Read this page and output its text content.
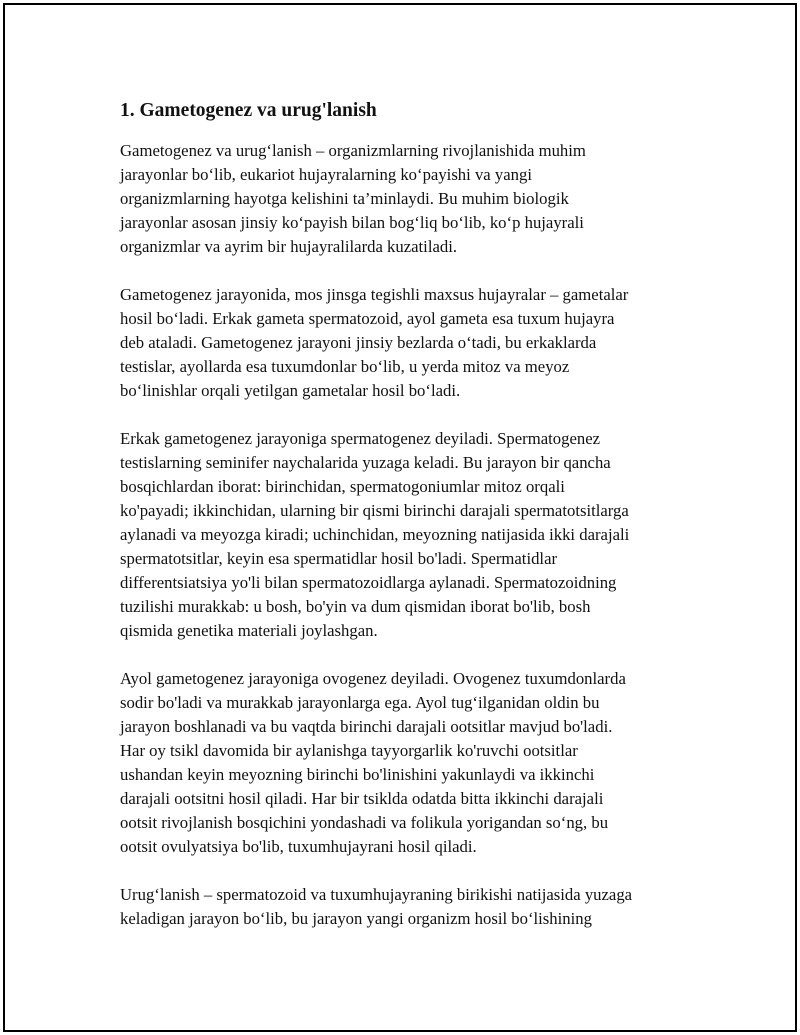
1. Gametogenez va urug'lanish

Gametogenez va urug‘lanish – organizmlarning rivojlanishida muhim
jarayonlar bo‘lib, eukariot hujayralarning ko‘payishi va yangi
organizmlarning hayotga kelishini ta’minlaydi. Bu muhim biologik
jarayonlar asosan jinsiy ko‘payish bilan bog‘liq bo‘lib, ko‘p hujayrali
organizmlar va ayrim bir hujayralilarda kuzatiladi.

Gametogenez jarayonida, mos jinsga tegishli maxsus hujayralar – gametalar
hosil bo‘ladi. Erkak gameta spermatozoid, ayol gameta esa tuxum hujayra
deb ataladi. Gametogenez jarayoni jinsiy bezlarda o‘tadi, bu erkaklarda
testislar, ayollarda esa tuxumdonlar bo‘lib, u yerda mitoz va meyoz
bo‘linishlar orqali yetilgan gametalar hosil bo‘ladi.

Erkak gametogenez jarayoniga spermatogenez deyiladi. Spermatogenez
testislarning seminifer naychalarida yuzaga keladi. Bu jarayon bir qancha
bosqichlardan iborat: birinchidan, spermatogoniumlar mitoz orqali
ko'payadi; ikkinchidan, ularning bir qismi birinchi darajali spermatotsitlarga
aylanadi va meyozga kiradi; uchinchidan, meyozning natijasida ikki darajali
spermatotsitlar, keyin esa spermatidlar hosil bo'ladi. Spermatidlar
differentsiatsiya yo'li bilan spermatozoidlarga aylanadi. Spermatozoidning
tuzilishi murakkab: u bosh, bo'yin va dum qismidan iborat bo'lib, bosh
qismida genetika materiali joylashgan.

Ayol gametogenez jarayoniga ovogenez deyiladi. Ovogenez tuxumdonlarda
sodir bo'ladi va murakkab jarayonlarga ega. Ayol tug‘ilganidan oldin bu
jarayon boshlanadi va bu vaqtda birinchi darajali ootsitlar mavjud bo'ladi.
Har oy tsikl davomida bir aylanishga tayyorgarlik ko'ruvchi ootsitlar
ushandan keyin meyozning birinchi bo'linishini yakunlaydi va ikkinchi
darajali ootsitni hosil qiladi. Har bir tsiklda odatda bitta ikkinchi darajali
ootsit rivojlanish bosqichini yondashadi va folikula yorigandan so‘ng, bu
ootsit ovulyatsiya bo'lib, tuxumhujayrani hosil qiladi.

Urug‘lanish – spermatozoid va tuxumhujayraning birikishi natijasida yuzaga
keladigan jarayon bo‘lib, bu jarayon yangi organizm hosil bo‘lishining
